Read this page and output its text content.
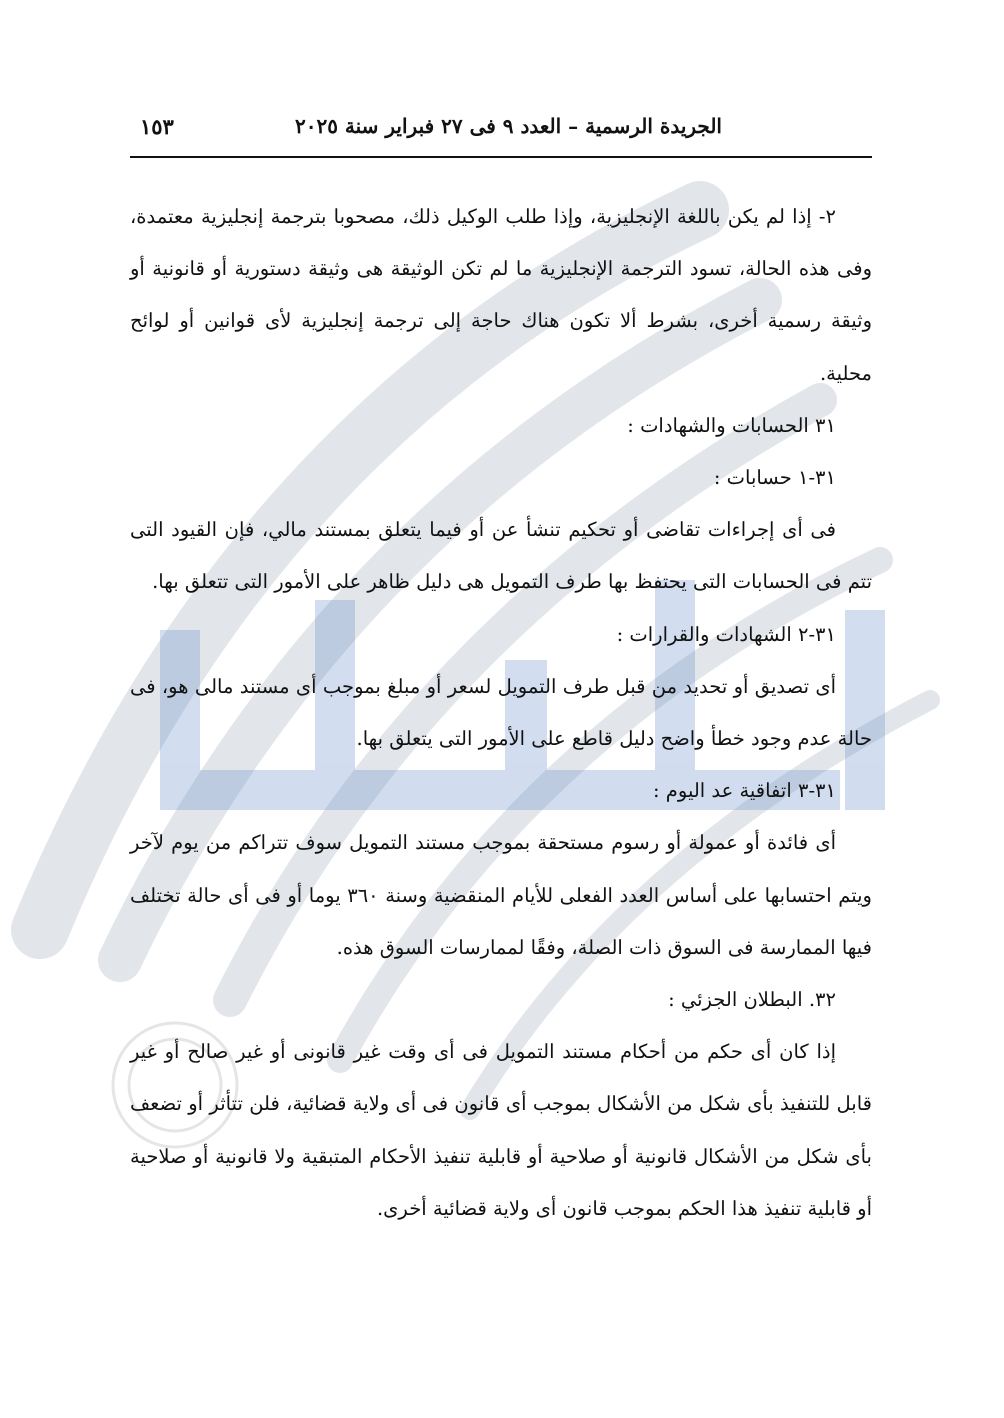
الجريدة الرسمية – العدد ٩ فى ٢٧ فبراير سنة ٢٠٢٥
١٥٣

٢- إذا لم يكن باللغة الإنجليزية، وإذا طلب الوكيل ذلك، مصحوبا بترجمة إنجليزية معتمدة، وفى هذه الحالة، تسود الترجمة الإنجليزية ما لم تكن الوثيقة هى وثيقة دستورية أو قانونية أو وثيقة رسمية أخرى، بشرط ألا تكون هناك حاجة إلى ترجمة إنجليزية لأى قوانين أو لوائح محلية.

٣١ الحسابات والشهادات :

٣١-١ حسابات :

فى أى إجراءات تقاضى أو تحكيم تنشأ عن أو فيما يتعلق بمستند مالي، فإن القيود التى تتم فى الحسابات التى يحتفظ بها طرف التمويل هى دليل ظاهر على الأمور التى تتعلق بها.

٣١-٢ الشهادات والقرارات :

أى تصديق أو تحديد من قبل طرف التمويل لسعر أو مبلغ بموجب أى مستند مالى هو، فى حالة عدم وجود خطأ واضح دليل قاطع على الأمور التى يتعلق بها.

٣١-٣ اتفاقية عد اليوم :

أى فائدة أو عمولة أو رسوم مستحقة بموجب مستند التمويل سوف تتراكم من يوم لآخر ويتم احتسابها على أساس العدد الفعلى للأيام المنقضية وسنة ٣٦٠ يوما أو فى أى حالة تختلف فيها الممارسة فى السوق ذات الصلة، وفقًا لممارسات السوق هذه.

٣٢. البطلان الجزئي :

إذا كان أى حكم من أحكام مستند التمويل فى أى وقت غير قانونى أو غير صالح أو غير قابل للتنفيذ بأى شكل من الأشكال بموجب أى قانون فى أى ولاية قضائية، فلن تتأثر أو تضعف بأى شكل من الأشكال قانونية أو صلاحية أو قابلية تنفيذ الأحكام المتبقية ولا قانونية أو صلاحية أو قابلية تنفيذ هذا الحكم بموجب قانون أى ولاية قضائية أخرى.
